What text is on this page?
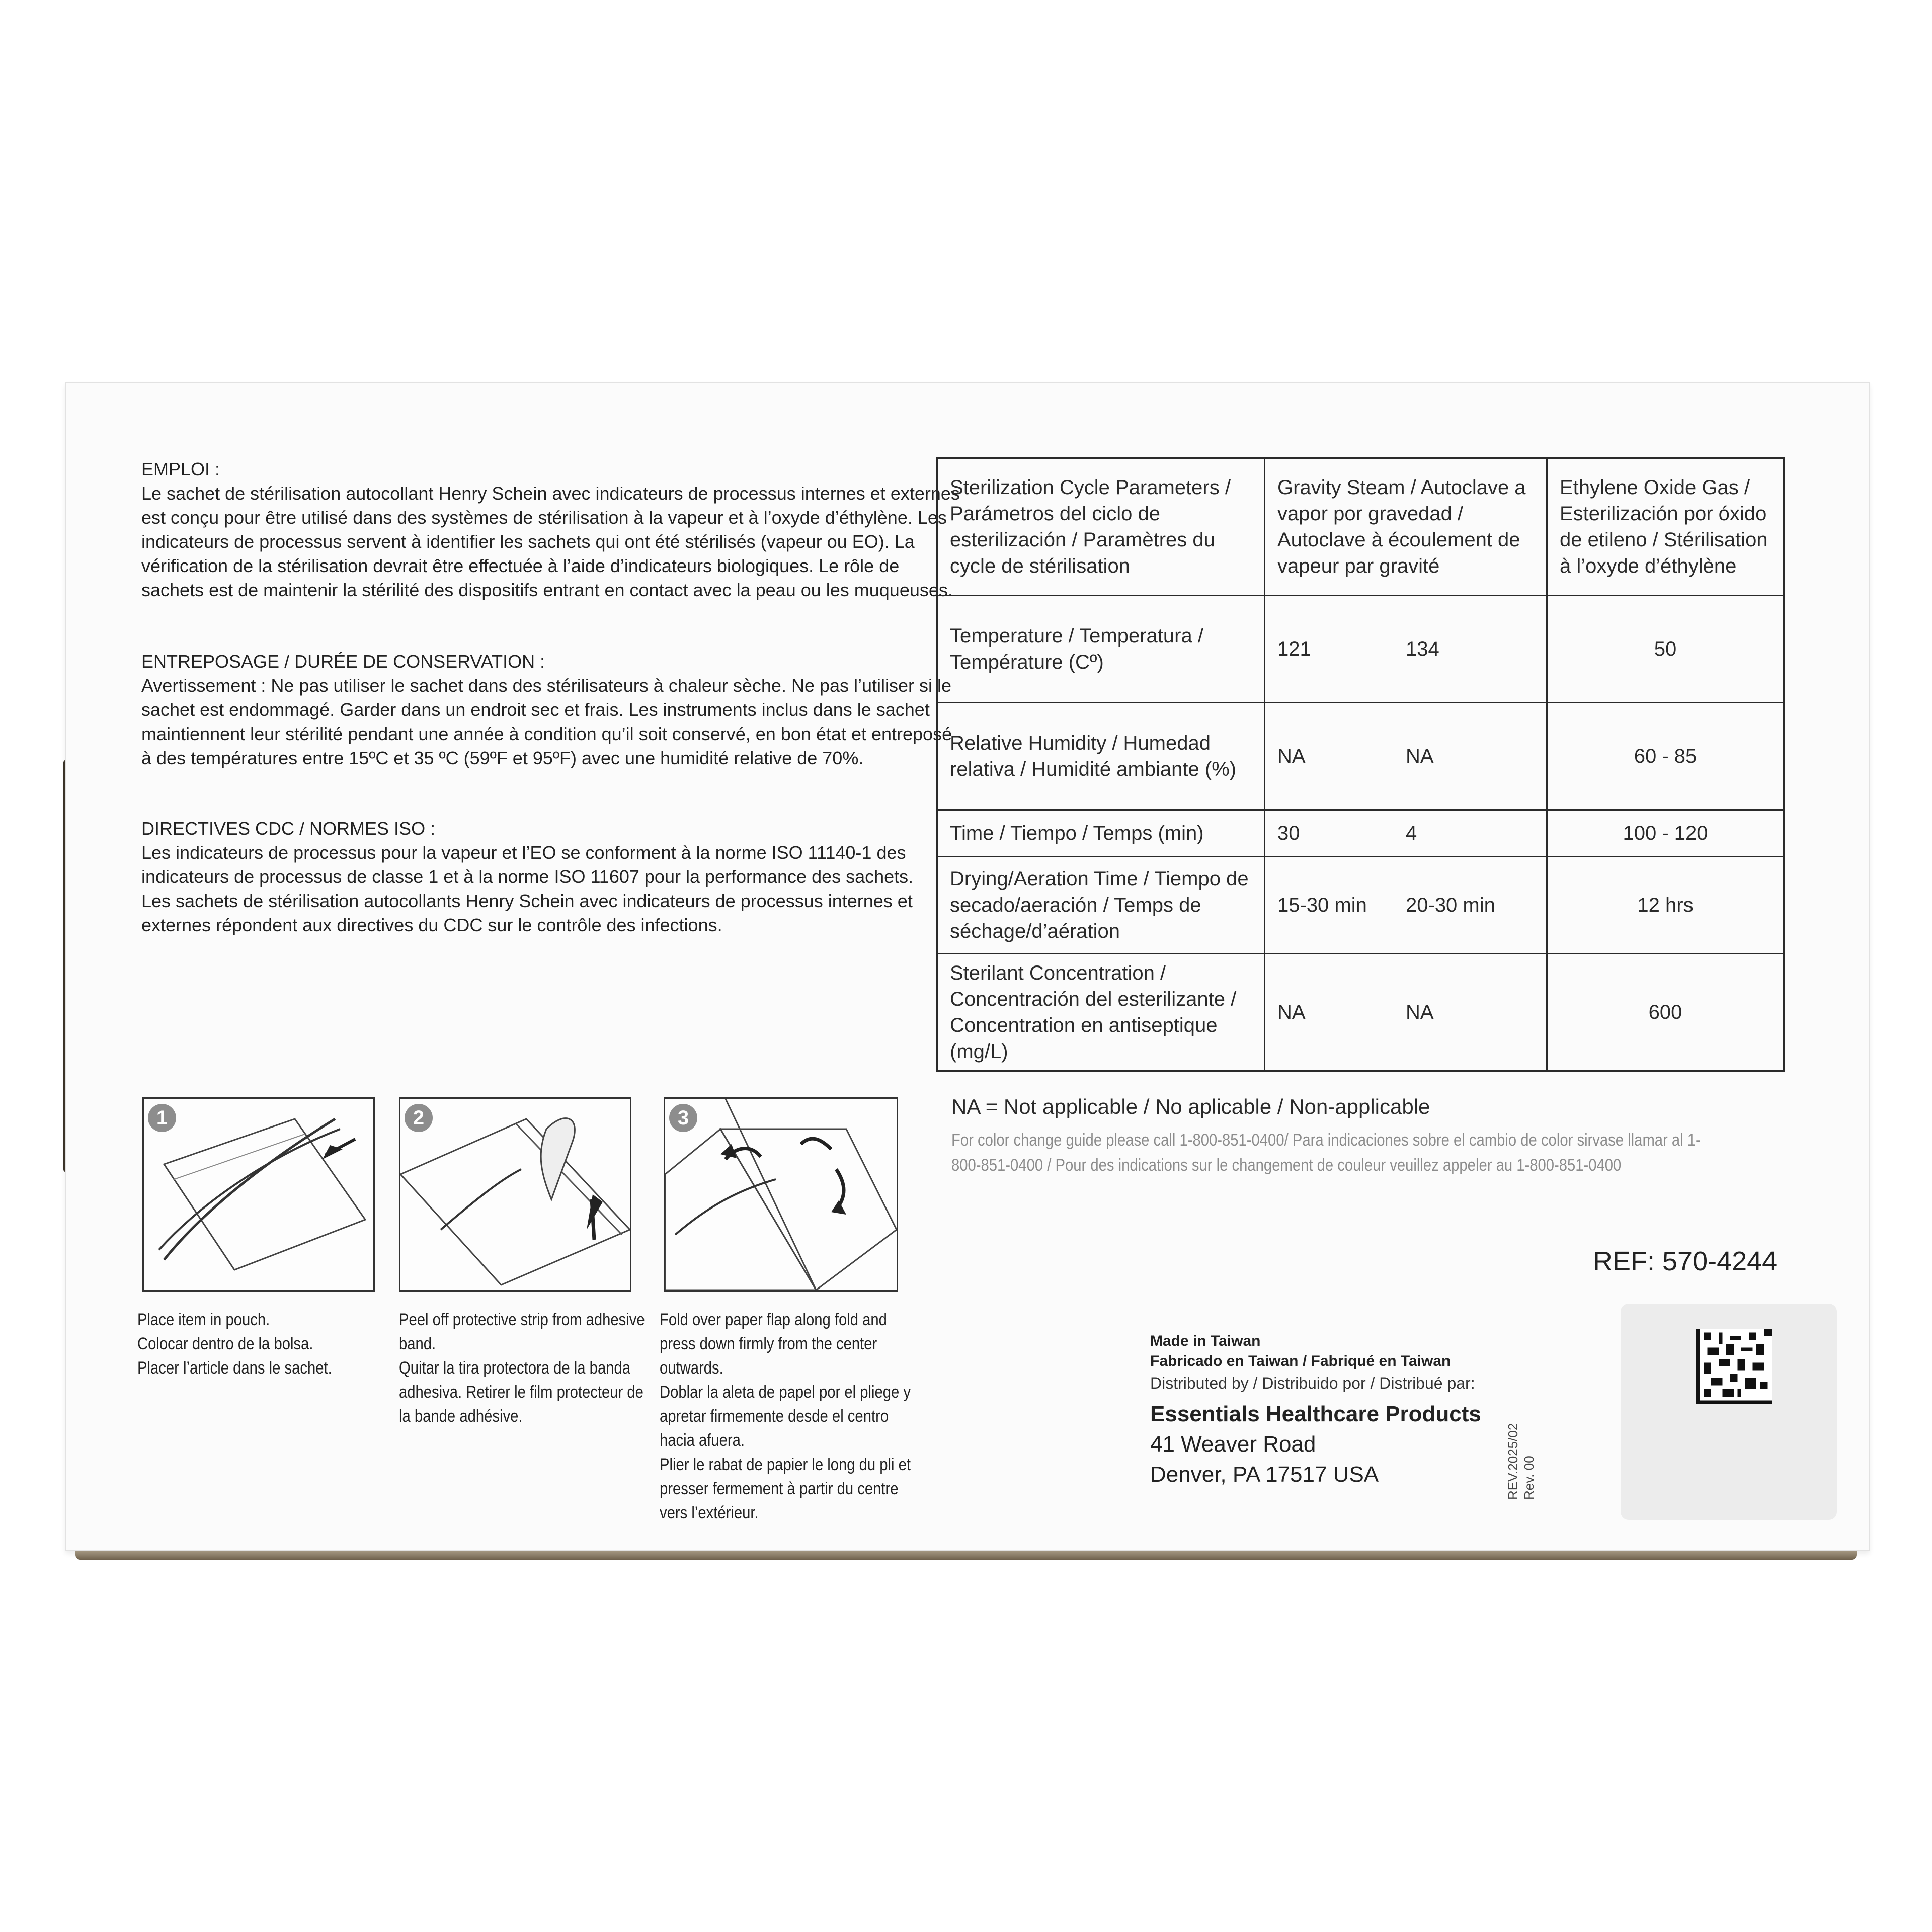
EMPLOI :

Le sachet de stérilisation autocollant Henry Schein avec indicateurs de processus internes et externes est conçu pour être utilisé dans des systèmes de stérilisation à la vapeur et à l’oxyde d’éthylène. Les indicateurs de processus servent à identifier les sachets qui ont été stérilisés (vapeur ou EO). La vérification de la stérilisation devrait être effectuée à l’aide d’indicateurs biologiques. Le rôle de sachets est de maintenir la stérilité des dispositifs entrant en contact avec la peau ou les muqueuses.

ENTREPOSAGE / DURÉE DE CONSERVATION :

Avertissement : Ne pas utiliser le sachet dans des stérilisateurs à chaleur sèche. Ne pas l’utiliser si le sachet est endommagé. Garder dans un endroit sec et frais. Les instruments inclus dans le sachet maintiennent leur stérilité pendant une année à condition qu’il soit conservé, en bon état et entreposé à des températures entre 15ºC et 35 ºC (59ºF et 95ºF) avec une humidité relative de 70%.

DIRECTIVES CDC / NORMES ISO :

Les indicateurs de processus pour la vapeur et l’EO se conforment à la norme ISO 11140-1 des indicateurs de processus de classe 1 et à la norme ISO 11607 pour la performance des sachets.

Les sachets de stérilisation autocollants Henry Schein avec indicateurs de processus internes et externes répondent aux directives du CDC sur le contrôle des infections.

Sterilization Cycle Parameters / Parámetros del ciclo de esterilización / Paramètres du cycle de stérilisation	Gravity Steam / Autoclave a vapor por gravedad / Autoclave à écoulement de vapeur par gravité	Ethylene Oxide Gas / Esterilización por óxido de etileno / Stérilisation à l’oxyde d’éthylène
Temperature / Temperatura / Température (Cº)	121 134	50
Relative Humidity / Humedad relativa / Humidité ambiante (%)	NA NA	60 - 85
Time / Tiempo / Temps (min)	30 4	100 - 120
Drying/Aeration Time / Tiempo de secado/aeración / Temps de séchage/d’aération	15-30 min 20-30 min	12 hrs
Sterilant Concentration / Concentración del esterilizante / Concentration en antiseptique (mg/L)	NA NA	600
NA = Not applicable / No aplicable / Non-applicable
For color change guide please call 1-800-851-0400/ Para indicaciones sobre el cambio de color sirvase llamar al 1-800-851-0400 / Pour des indications sur le changement de couleur veuillez appeler au 1-800-851-0400
1	2	3

Place item in pouch.

Colocar dentro de la bolsa.

Placer l’article dans le sachet.

Peel off protective strip from adhesive band.

Quitar la tira protectora de la banda adhesiva. Retirer le film protecteur de la bande adhésive.

Fold over paper flap along fold and press down firmly from the center outwards.

Doblar la aleta de papel por el pliege y apretar firmemente desde el centro hacia afuera.

Plier le rabat de papier le long du pli et presser fermement à partir du centre vers l’extérieur.

REF: 570-4244
Made in Taiwan
Fabricado en Taiwan / Fabriqué en Taiwan
Distributed by / Distribuido por / Distribué par:
Essentials Healthcare Products
41 Weaver Road
Denver, PA 17517 USA	REV.2025/02 Rev. 00
